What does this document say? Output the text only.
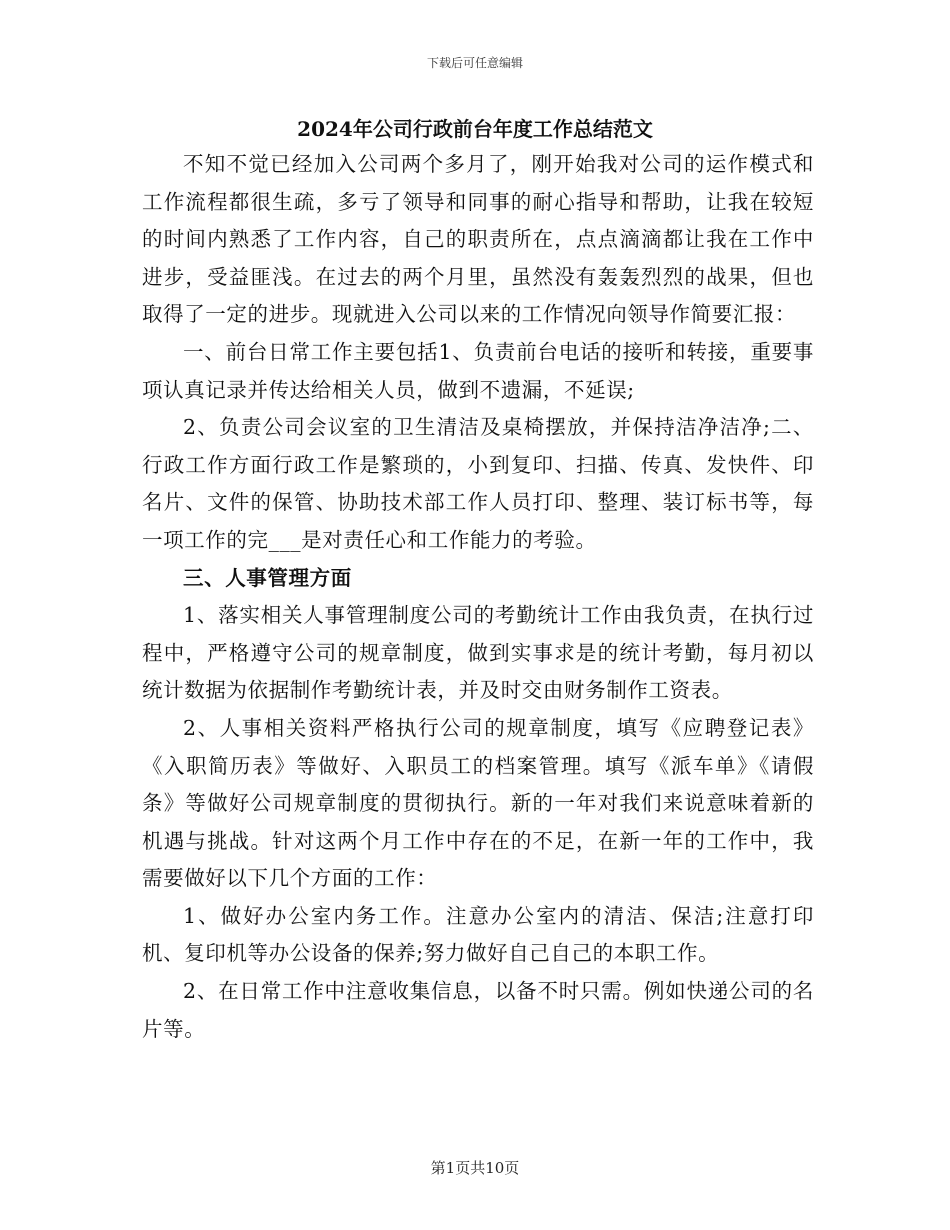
下载后可任意编辑
2024年公司行政前台年度工作总结范文

不知不觉已经加入公司两个多月了，刚开始我对公司的运作模式和工作流程都很生疏，多亏了领导和同事的耐心指导和帮助，让我在较短的时间内熟悉了工作内容，自己的职责所在，点点滴滴都让我在工作中进步，受益匪浅。在过去的两个月里，虽然没有轰轰烈烈的战果，但也取得了一定的进步。现就进入公司以来的工作情况向领导作简要汇报：

一、前台日常工作主要包括1、负责前台电话的接听和转接，重要事项认真记录并传达给相关人员，做到不遗漏，不延误;

2、负责公司会议室的卫生清洁及桌椅摆放，并保持洁净洁净;二、行政工作方面行政工作是繁琐的，小到复印、扫描、传真、发快件、印名片、文件的保管、协助技术部工作人员打印、整理、装订标书等，每一项工作的完___是对责任心和工作能力的考验。

三、人事管理方面

1、落实相关人事管理制度公司的考勤统计工作由我负责，在执行过程中，严格遵守公司的规章制度，做到实事求是的统计考勤，每月初以统计数据为依据制作考勤统计表，并及时交由财务制作工资表。

2、人事相关资料严格执行公司的规章制度，填写《应聘登记表》《入职简历表》等做好、入职员工的档案管理。填写《派车单》《请假条》等做好公司规章制度的贯彻执行。新的一年对我们来说意味着新的机遇与挑战。针对这两个月工作中存在的不足，在新一年的工作中，我需要做好以下几个方面的工作：

1、做好办公室内务工作。注意办公室内的清洁、保洁;注意打印机、复印机等办公设备的保养;努力做好自己自己的本职工作。

2、在日常工作中注意收集信息，以备不时只需。例如快递公司的名片等。

第1页共10页
